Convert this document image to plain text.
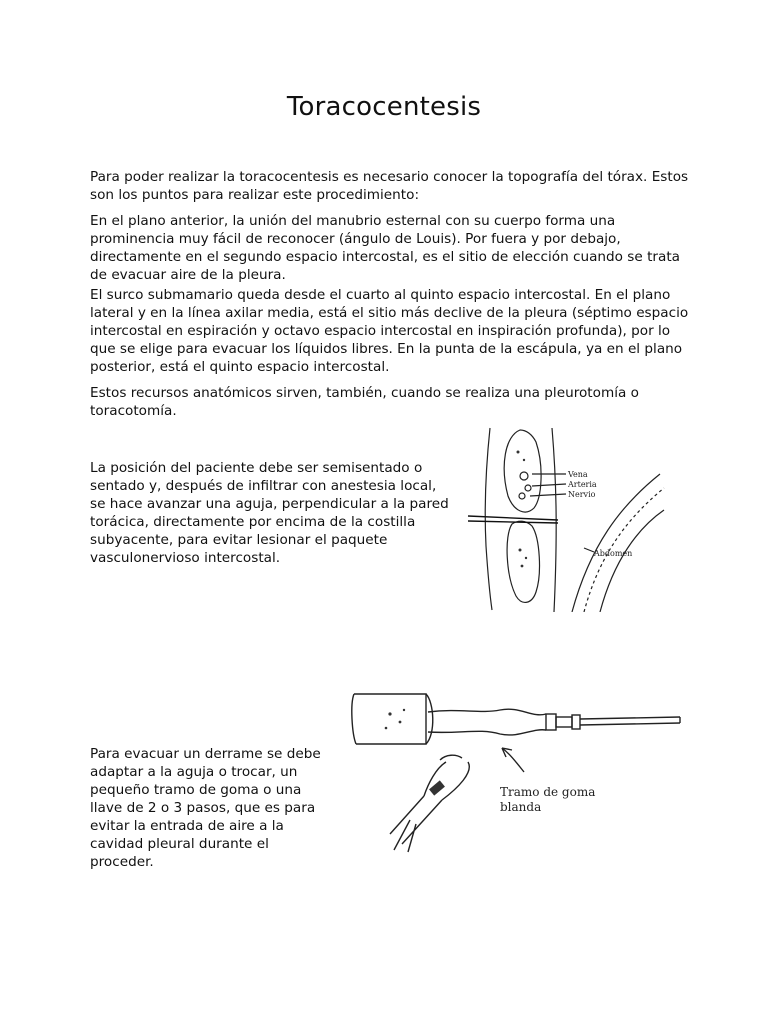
Toracocentesis

Para poder realizar la toracocentesis es necesario conocer la topografía del tórax. Estos son los puntos para realizar este procedimiento:

En el plano anterior, la unión del manubrio esternal con su cuerpo forma una prominencia muy fácil de reconocer (ángulo de Louis). Por fuera y por debajo, directamente en el segundo espacio intercostal, es el sitio de elección cuando se trata de evacuar aire de la pleura.

El surco submamario queda desde el cuarto al quinto espacio intercostal. En el plano lateral y en la línea axilar media, está el sitio más declive de la pleura (séptimo espacio intercostal en espiración y octavo espacio intercostal en inspiración profunda), por lo que se elige para evacuar los líquidos libres. En la punta de la escápula, ya en el plano posterior, está el quinto espacio intercostal.

Estos recursos anatómicos sirven, también, cuando se realiza una pleurotomía o toracotomía.

La posición del paciente debe ser semisentado o sentado y, después de infiltrar con anestesia local, se hace avanzar una aguja, perpendicular a la pared torácica, directamente por encima de la costilla subyacente, para evitar lesionar el paquete vasculonervioso intercostal.

Para evacuar un derrame se debe adaptar a la aguja o trocar, un pequeño tramo de goma o una llave de 2 o 3 pasos, que es para evitar la entrada de aire a la cavidad pleural durante el proceder.

Vena
Arteria
Nervio
Abdomen
Tramo de goma
blanda
